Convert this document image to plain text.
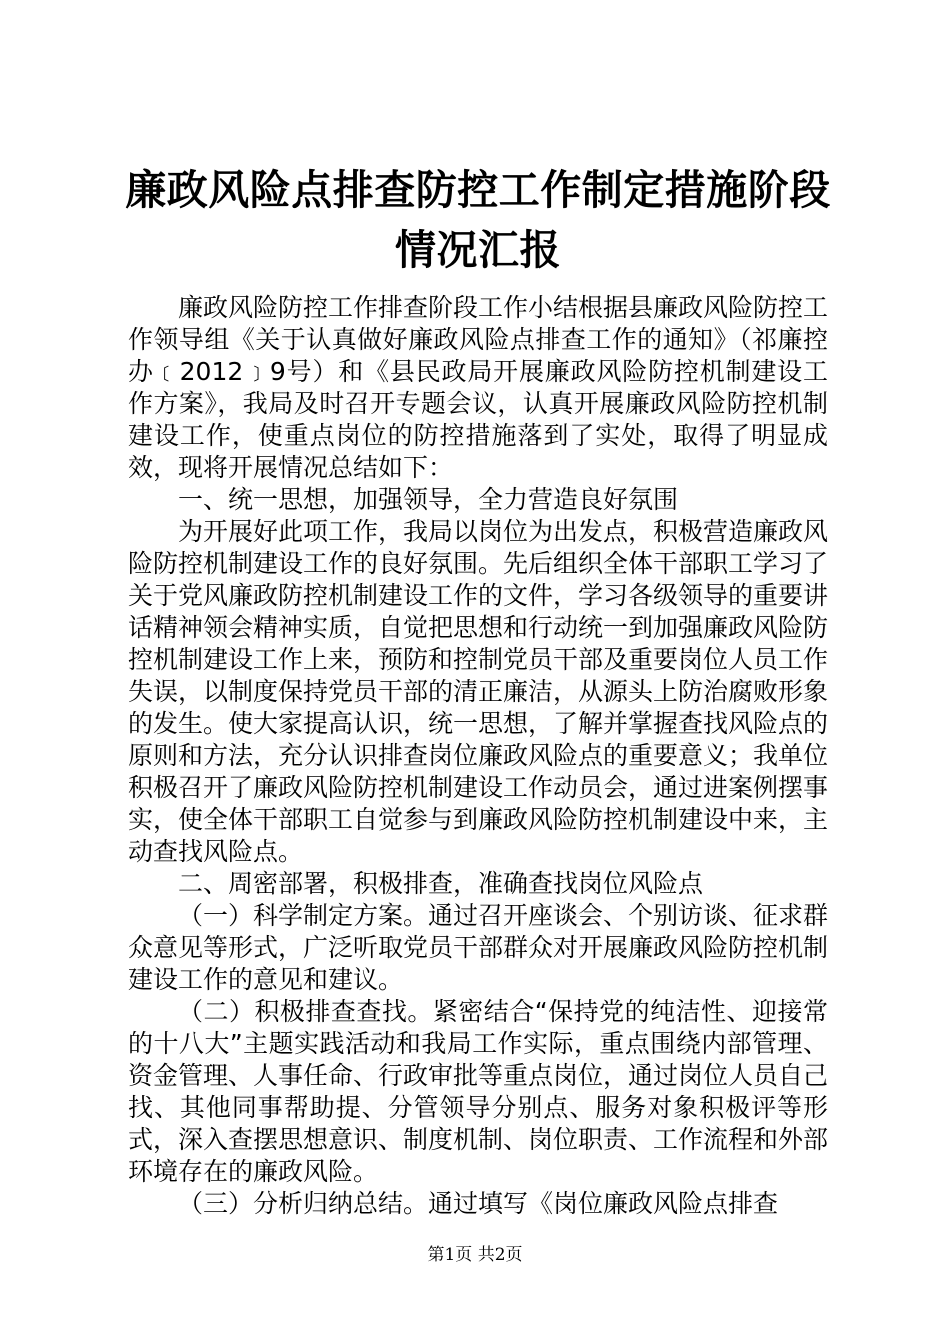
廉政风险点排查防控工作制定措施阶段情况汇报

廉政风险防控工作排查阶段工作小结根据县廉政风险防控工作领导组《关于认真做好廉政风险点排查工作的通知》（祁廉控办﹝2012﹞9号）和《县民政局开展廉政风险防控机制建设工作方案》，我局及时召开专题会议，认真开展廉政风险防控机制建设工作，使重点岗位的防控措施落到了实处，取得了明显成效，现将开展情况总结如下：

一、统一思想，加强领导，全力营造良好氛围

为开展好此项工作，我局以岗位为出发点，积极营造廉政风险防控机制建设工作的良好氛围。先后组织全体干部职工学习了关于党风廉政防控机制建设工作的文件，学习各级领导的重要讲话精神领会精神实质，自觉把思想和行动统一到加强廉政风险防控机制建设工作上来，预防和控制党员干部及重要岗位人员工作失误，以制度保持党员干部的清正廉洁，从源头上防治腐败形象的发生。使大家提高认识，统一思想，了解并掌握查找风险点的原则和方法，充分认识排查岗位廉政风险点的重要意义；我单位积极召开了廉政风险防控机制建设工作动员会，通过进案例摆事实，使全体干部职工自觉参与到廉政风险防控机制建设中来，主动查找风险点。

二、周密部署，积极排查，准确查找岗位风险点

（一）科学制定方案。通过召开座谈会、个别访谈、征求群众意见等形式，广泛听取党员干部群众对开展廉政风险防控机制建设工作的意见和建议。

（二）积极排查查找。紧密结合“保持党的纯洁性、迎接常的十八大”主题实践活动和我局工作实际，重点围绕内部管理、资金管理、人事任命、行政审批等重点岗位，通过岗位人员自己找、其他同事帮助提、分管领导分别点、服务对象积极评等形式，深入查摆思想意识、制度机制、岗位职责、工作流程和外部环境存在的廉政风险。

（三）分析归纳总结。通过填写《岗位廉政风险点排查

第1页 共2页
